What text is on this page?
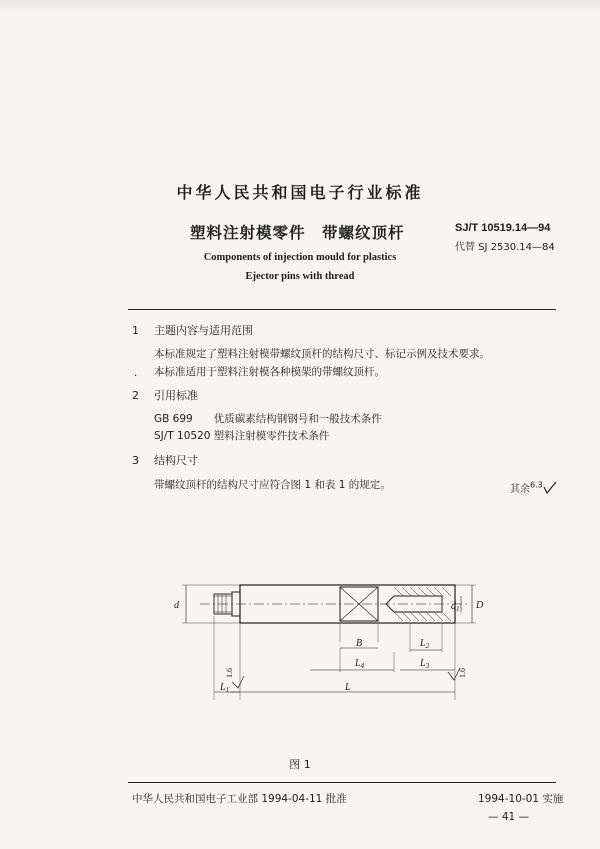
中华人民共和国电子行业标准
塑料注射模零件　带螺纹顶杆	SJ/T 10519.14—94
代替 SJ 2530.14—84
Components of injection mould for plastics
Ejector pins with thread
1 主题内容与适用范围
本标准规定了塑料注射模带螺纹顶杆的结构尺寸、标记示例及技术要求。
本标准适用于塑料注射模各种模架的带螺纹顶杆。
.
2 引用标准
GB 699　　优质碳素结构钢钢号和一般技术条件
SJ/T 10520 塑料注射模零件技术条件
3 结构尺寸
带螺纹顶杆的结构尺寸应符合图 1 和表 1 的规定。	其余$^{6.3}$
d	$d_1$ D
B	$L_2$
$L_4$	$L_3$
$L_1$	L
1.6	1.6
图 1
中华人民共和国电子工业部 1994-04-11 批准	1994-10-01 实施
— 41 —
